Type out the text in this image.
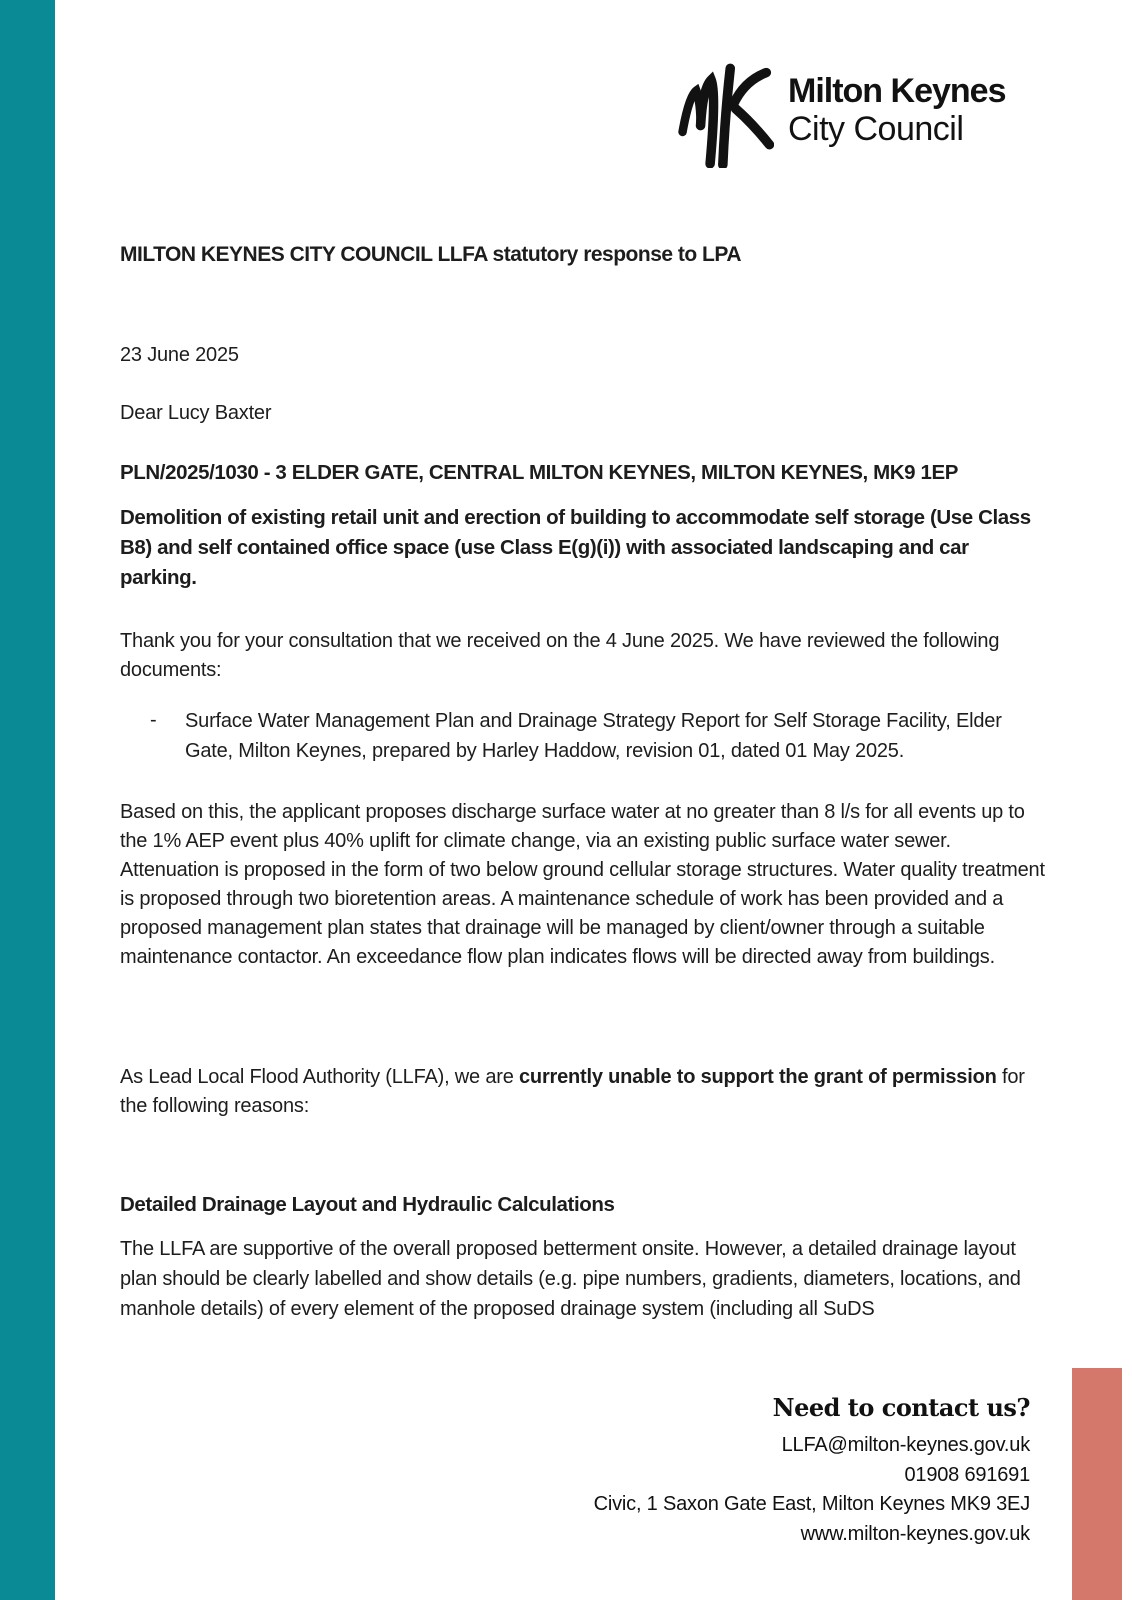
Milton Keynes
City Council
MILTON KEYNES CITY COUNCIL LLFA statutory response to LPA
23 June 2025
Dear Lucy Baxter
PLN/2025/1030 - 3 ELDER GATE, CENTRAL MILTON KEYNES, MILTON KEYNES, MK9 1EP
Demolition of existing retail unit and erection of building to accommodate self storage (Use Class B8) and self contained office space (use Class E(g)(i)) with associated landscaping and car parking.
Thank you for your consultation that we received on the 4 June 2025. We have reviewed the following documents:
-	Surface Water Management Plan and Drainage Strategy Report for Self Storage Facility, Elder Gate, Milton Keynes, prepared by Harley Haddow, revision 01, dated 01 May 2025.
Based on this, the applicant proposes discharge surface water at no greater than 8 l/s for all events up to the 1% AEP event plus 40% uplift for climate change, via an existing public surface water sewer. Attenuation is proposed in the form of two below ground cellular storage structures. Water quality treatment is proposed through two bioretention areas. A maintenance schedule of work has been provided and a proposed management plan states that drainage will be managed by client/owner through a suitable maintenance contactor. An exceedance flow plan indicates flows will be directed away from buildings.
As Lead Local Flood Authority (LLFA), we are currently unable to support the grant of permission for the following reasons:
Detailed Drainage Layout and Hydraulic Calculations
The LLFA are supportive of the overall proposed betterment onsite. However, a detailed drainage layout plan should be clearly labelled and show details (e.g. pipe numbers, gradients, diameters, locations, and manhole details) of every element of the proposed drainage system (including all SuDS
Need to contact us?
LLFA@milton-keynes.gov.uk
01908 691691
Civic, 1 Saxon Gate East, Milton Keynes MK9 3EJ
www.milton-keynes.gov.uk
